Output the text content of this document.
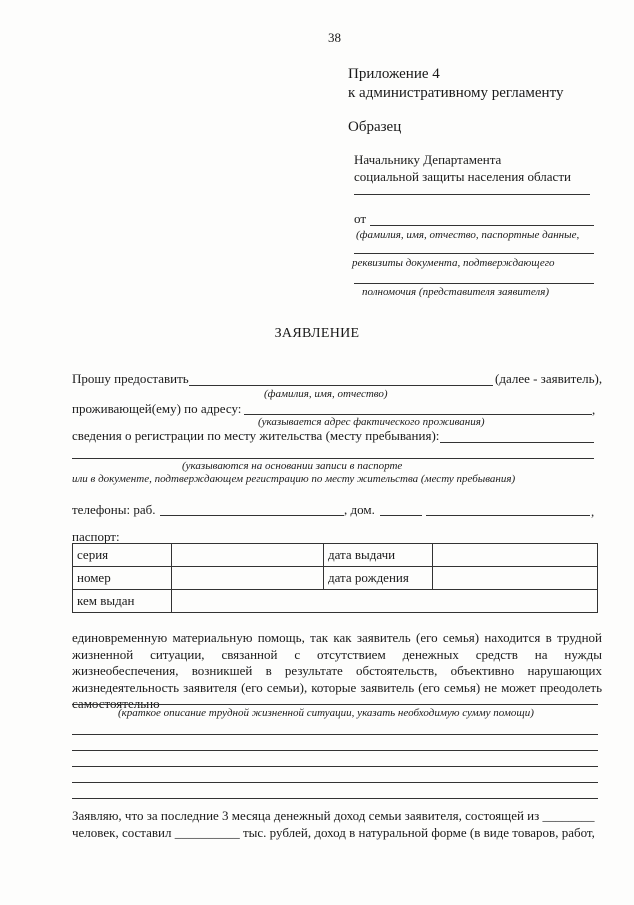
38
Приложение 4
к административному регламенту
Образец
Начальнику Департамента
социальной защиты населения области
от
(фамилия, имя, отчество, паспортные данные,
реквизиты документа, подтверждающего
полномочия (представителя заявителя)
ЗАЯВЛЕНИЕ
Прошу предоставить	(далее - заявитель),
(фамилия, имя, отчество)
проживающей(ему) по адресу:	,
(указывается адрес фактического проживания)
сведения о регистрации по месту жительства (месту пребывания):
(указываются на основании записи в паспорте
или в документе, подтверждающем регистрацию по месту жительства (месту пребывания)
телефоны: раб.	, дом.	,
паспорт:
серия		дата выдачи	
номер		дата рождения	
кем выдан			
единовременную материальную помощь, так как заявитель (его семья) находится в трудной жизненной ситуации, связанной с отсутствием денежных средств на нужды жизнеобеспечения, возникшей в результате обстоятельств, объективно нарушающих жизнедеятельность заявителя (его семьи), которые заявитель (его семья) не может преодолеть самостоятельно
(краткое описание трудной жизненной ситуации, указать необходимую сумму помощи)
Заявляю, что за последние 3 месяца денежный доход семьи заявителя, состоящей из ________
человек, составил __________ тыс. рублей, доход в натуральной форме (в виде товаров, работ,
